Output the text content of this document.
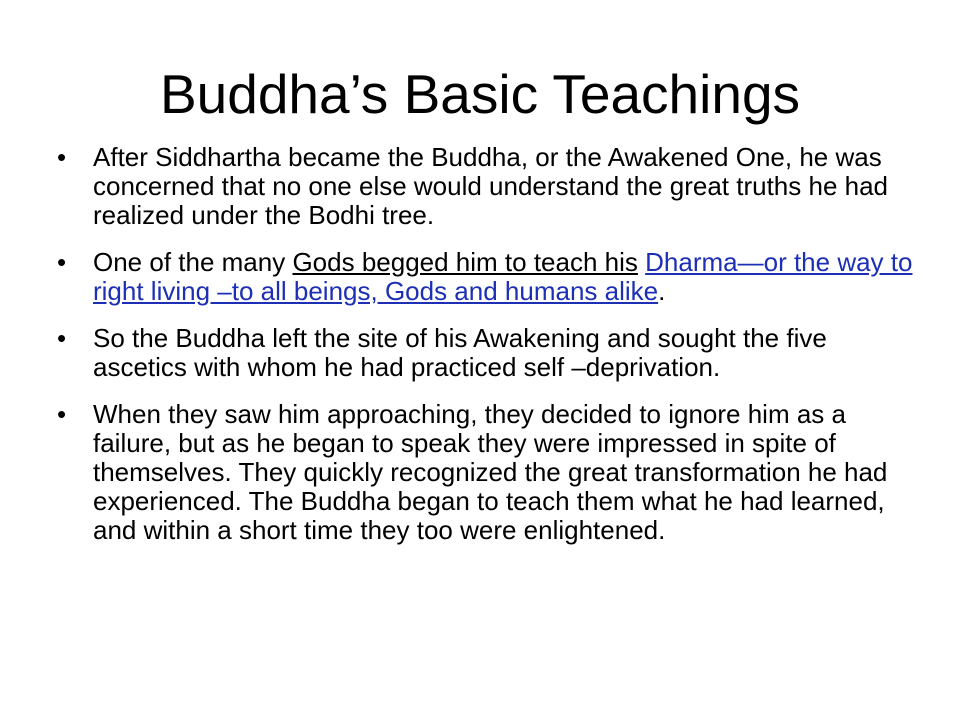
Buddha’s Basic Teachings
•
After Siddhartha became the Buddha, or the Awakened One, he was concerned that no one else would understand the great truths he had realized under the Bodhi tree.
•
One of the many Gods begged him to teach his Dharma—or the way to right living –to all beings, Gods and humans alike.
•
So the Buddha left the site of his Awakening and sought the five ascetics with whom he had practiced self –deprivation.
•
When they saw him approaching, they decided to ignore him as a failure, but as he began to speak they were impressed in spite of themselves. They quickly recognized the great transformation he had experienced. The Buddha began to teach them what he had learned, and within a short time they too were enlightened.
